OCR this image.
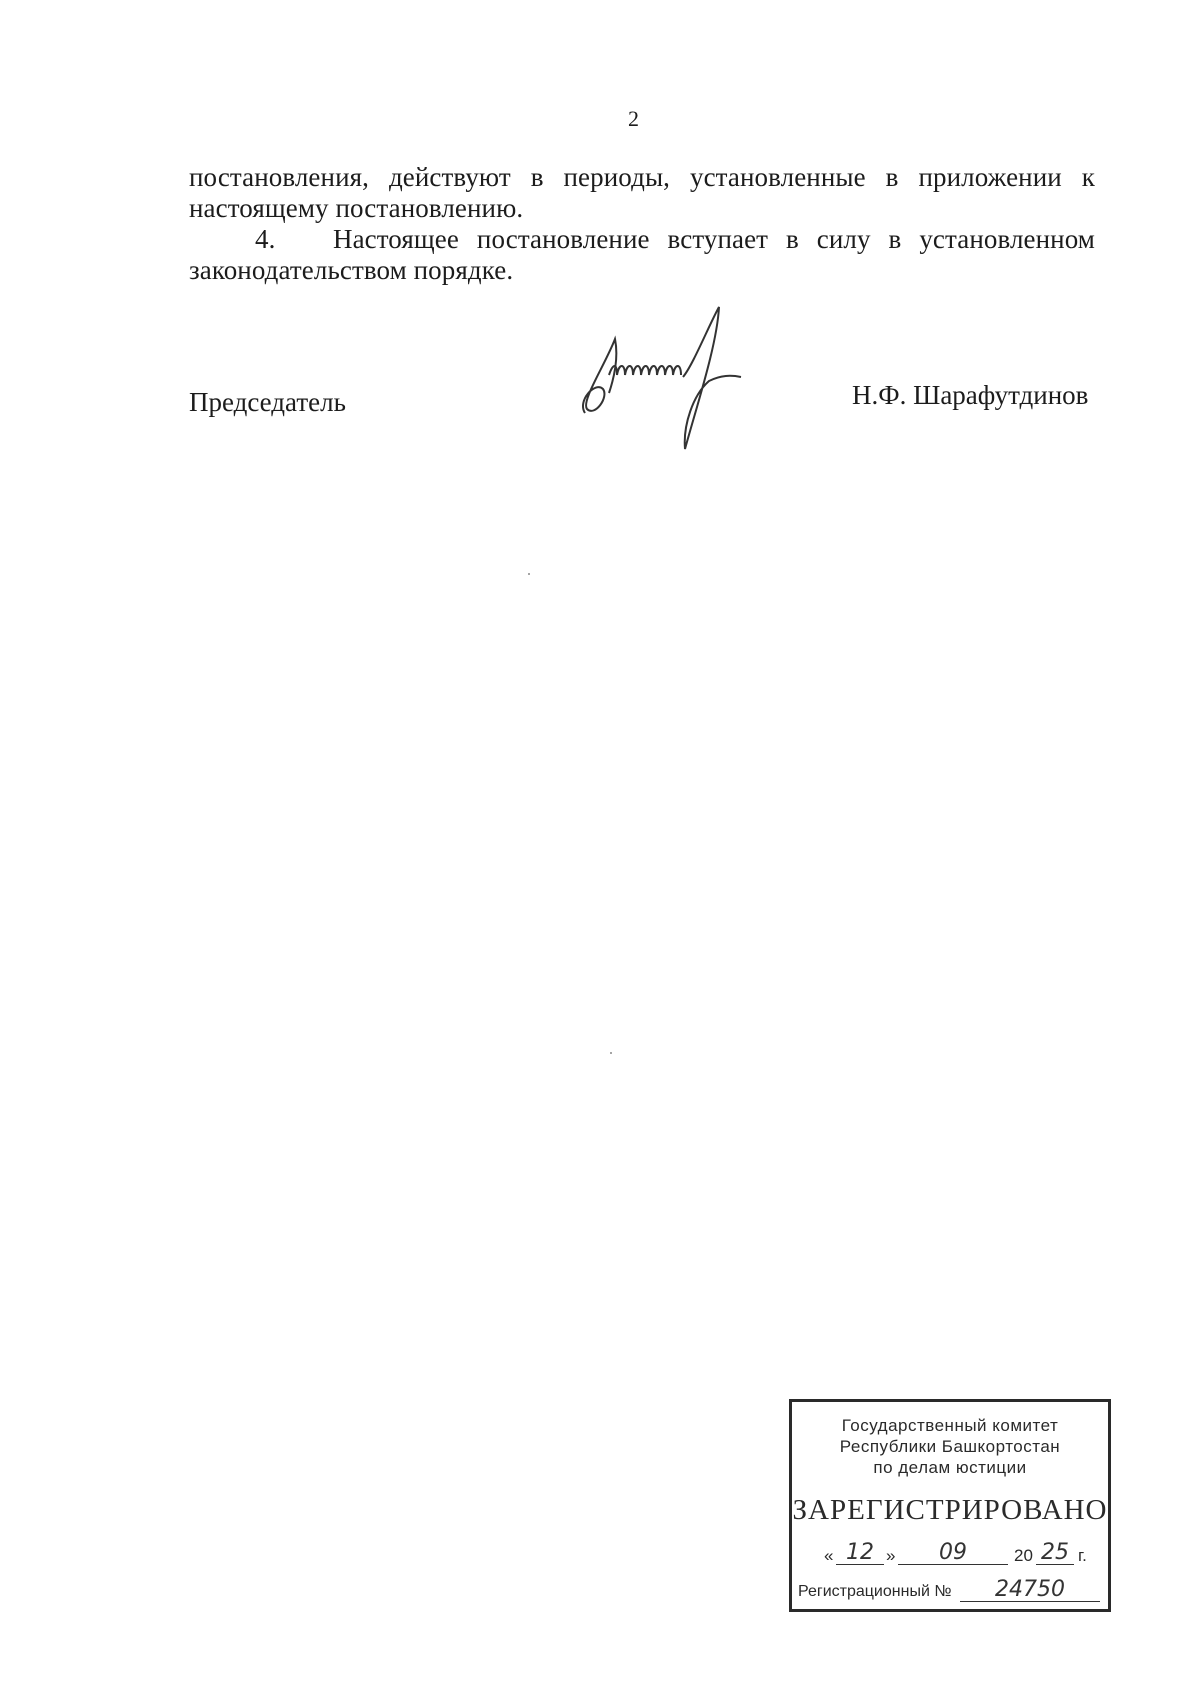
2
постановления, действуют в периоды, установленные в приложении к
настоящему постановлению.
4. Настоящее постановление вступает в силу в установленном
законодательством порядке.
Председатель	Н.Ф. Шарафутдинов
Государственный комитет
Республики Башкортостан
по делам юстиции
ЗАРЕГИСТРИРОВАНО
« 12 »	09	20 25 г.
Регистрационный №	24750
